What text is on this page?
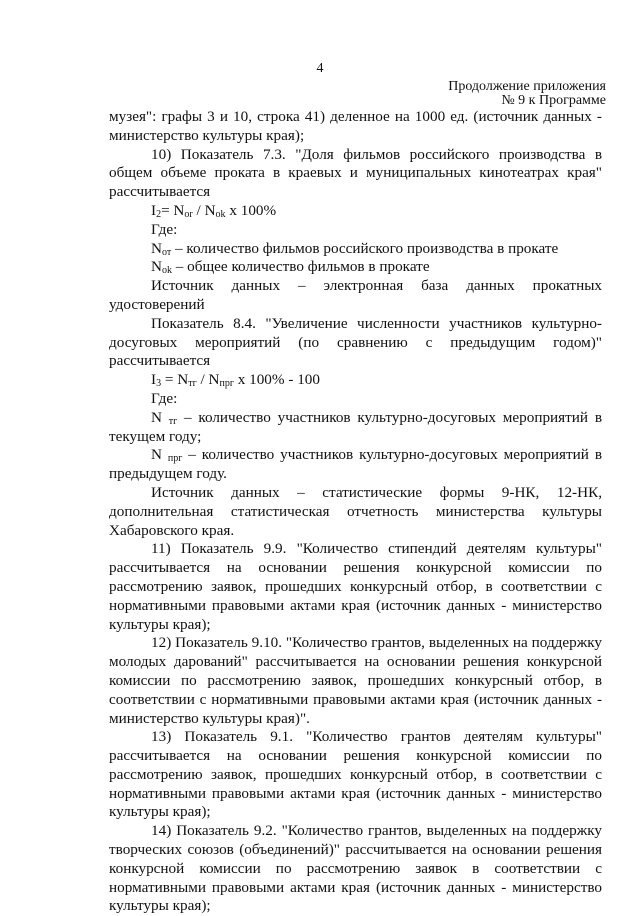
4
Продолжение приложения
№ 9 к Программе

музея": графы 3 и 10, строка 41) деленное на 1000 ед. (источник данных -

министерство культуры края);

10) Показатель 7.3. "Доля фильмов российского производства в

общем объеме проката в краевых и муниципальных кинотеатрах края"

рассчитывается

$I_2= N_{or} / N_{ok}$ x 100%

Где:

$N_{от}$ – количество фильмов российского производства в прокате

$N_{ok}$ – общее количество фильмов в прокате

Источник данных – электронная база данных прокатных

удостоверений

Показатель 8.4. "Увеличение численности участников культурно-

досуговых мероприятий (по сравнению с предыдущим годом)"

рассчитывается

$I_3 = N_{тг} / N_{прг}$ x 100% - 100

Где:

N $_{тг}$ – количество участников культурно-досуговых мероприятий в

текущем году;

N $_{прг}$ – количество участников культурно-досуговых мероприятий в

предыдущем году.

Источник данных – статистические формы 9-НК, 12-НК,

дополнительная статистическая отчетность министерства культуры

Хабаровского края.

11) Показатель 9.9. "Количество стипендий деятелям культуры"

рассчитывается на основании решения конкурсной комиссии по

рассмотрению заявок, прошедших конкурсный отбор, в соответствии с

нормативными правовыми актами края (источник данных - министерство

культуры края);

12) Показатель 9.10. "Количество грантов, выделенных на поддержку

молодых дарований" рассчитывается на основании решения конкурсной

комиссии по рассмотрению заявок, прошедших конкурсный отбор, в

соответствии с нормативными правовыми актами края (источник данных -

министерство культуры края)".

13) Показатель 9.1. "Количество грантов деятелям культуры"

рассчитывается на основании решения конкурсной комиссии по

рассмотрению заявок, прошедших конкурсный отбор, в соответствии с

нормативными правовыми актами края (источник данных - министерство

культуры края);

14) Показатель 9.2. "Количество грантов, выделенных на поддержку

творческих союзов (объединений)" рассчитывается на основании решения

конкурсной комиссии по рассмотрению заявок в соответствии с

нормативными правовыми актами края (источник данных - министерство

культуры края);
